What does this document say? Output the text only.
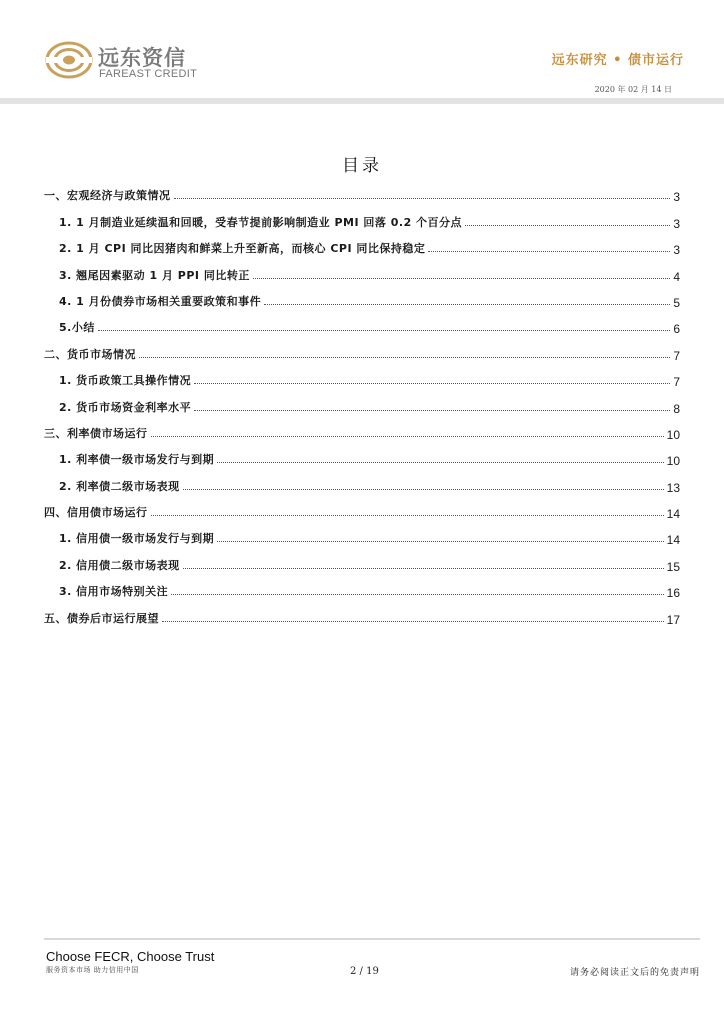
远东资信
FAREAST CREDIT
远东研究 • 债市运行
2020 年 02 月 14 日
目录
一、宏观经济与政策情况	3
1. 1 月制造业延续温和回暖，受春节提前影响制造业 PMI 回落 0.2 个百分点	3
2. 1 月 CPI 同比因猪肉和鲜菜上升至新高，而核心 CPI 同比保持稳定	3
3. 翘尾因素驱动 1 月 PPI 同比转正	4
4. 1 月份债券市场相关重要政策和事件	5
5.小结	6
二、货币市场情况	7
1. 货币政策工具操作情况	7
2. 货币市场资金利率水平	8
三、利率债市场运行	10
1. 利率债一级市场发行与到期	10
2. 利率债二级市场表现	13
四、信用债市场运行	14
1. 信用债一级市场发行与到期	14
2. 信用债二级市场表现	15
3. 信用市场特别关注	16
五、债券后市运行展望	17
Choose FECR, Choose Trust
服务资本市场 助力信用中国	2 / 19	请务必阅读正文后的免责声明
